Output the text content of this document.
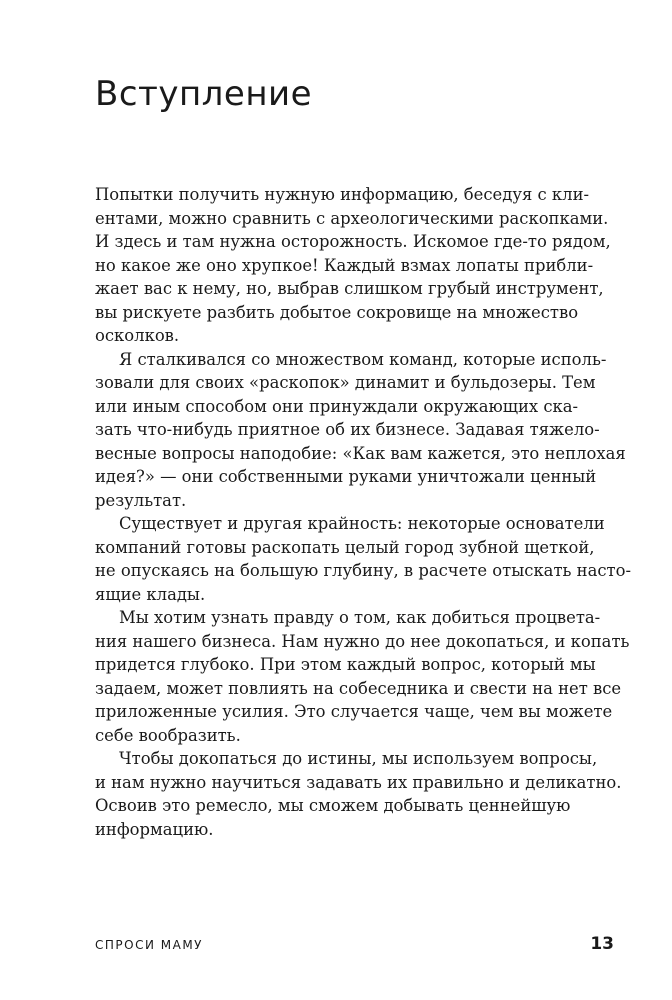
Вступление
Попытки получить нужную информацию, беседуя с кли-
ентами, можно сравнить с археологическими раскопками.
И здесь и там нужна осторожность. Искомое где-то рядом,
но какое же оно хрупкое! Каждый взмах лопаты прибли-
жает вас к нему, но, выбрав слишком грубый инструмент,
вы рискуете разбить добытое сокровище на множество
осколков.
Я сталкивался со множеством команд, которые исполь-
зовали для своих «раскопок» динамит и бульдозеры. Тем
или иным способом они принуждали окружающих ска-
зать что-нибудь приятное об их бизнесе. Задавая тяжело-
весные вопросы наподобие: «Как вам кажется, это неплохая
идея?» — они собственными руками уничтожали ценный
результат.
Существует и другая крайность: некоторые основатели
компаний готовы раскопать целый город зубной щеткой,
не опускаясь на большую глубину, в расчете отыскать насто-
ящие клады.
Мы хотим узнать правду о том, как добиться процвета-
ния нашего бизнеса. Нам нужно до нее докопаться, и копать
придется глубоко. При этом каждый вопрос, который мы
задаем, может повлиять на собеседника и свести на нет все
приложенные усилия. Это случается чаще, чем вы можете
себе вообразить.
Чтобы докопаться до истины, мы используем вопросы,
и нам нужно научиться задавать их правильно и деликатно.
Освоив это ремесло, мы сможем добывать ценнейшую
информацию.
СПРОСИ МАМУ	13
